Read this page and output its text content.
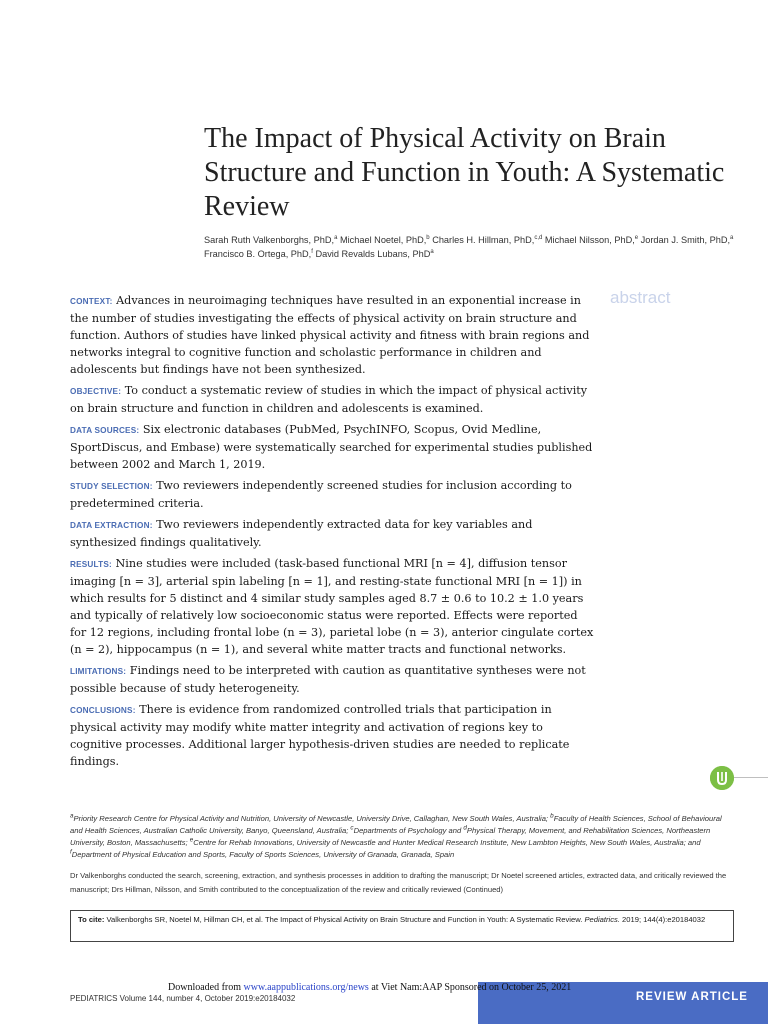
The Impact of Physical Activity on Brain Structure and Function in Youth: A Systematic Review
Sarah Ruth Valkenborghs, PhD,$^a$ Michael Noetel, PhD,$^b$ Charles H. Hillman, PhD,$^{c,d}$ Michael Nilsson, PhD,$^e$ Jordan J. Smith, PhD,$^a$ Francisco B. Ortega, PhD,$^f$ David Revalds Lubans, PhD$^a$
abstract

CONTEXT: Advances in neuroimaging techniques have resulted in an exponential increase in the number of studies investigating the effects of physical activity on brain structure and function. Authors of studies have linked physical activity and fitness with brain regions and networks integral to cognitive function and scholastic performance in children and adolescents but findings have not been synthesized.

OBJECTIVE: To conduct a systematic review of studies in which the impact of physical activity on brain structure and function in children and adolescents is examined.

DATA SOURCES: Six electronic databases (PubMed, PsychINFO, Scopus, Ovid Medline, SportDiscus, and Embase) were systematically searched for experimental studies published between 2002 and March 1, 2019.

STUDY SELECTION: Two reviewers independently screened studies for inclusion according to predetermined criteria.

DATA EXTRACTION: Two reviewers independently extracted data for key variables and synthesized findings qualitatively.

RESULTS: Nine studies were included (task-based functional MRI [n = 4], diffusion tensor imaging [n = 3], arterial spin labeling [n = 1], and resting-state functional MRI [n = 1]) in which results for 5 distinct and 4 similar study samples aged 8.7 ± 0.6 to 10.2 ± 1.0 years and typically of relatively low socioeconomic status were reported. Effects were reported for 12 regions, including frontal lobe (n = 3), parietal lobe (n = 3), anterior cingulate cortex (n = 2), hippocampus (n = 1), and several white matter tracts and functional networks.

LIMITATIONS: Findings need to be interpreted with caution as quantitative syntheses were not possible because of study heterogeneity.

CONCLUSIONS: There is evidence from randomized controlled trials that participation in physical activity may modify white matter integrity and activation of regions key to cognitive processes. Additional larger hypothesis-driven studies are needed to replicate findings.

$^a$Priority Research Centre for Physical Activity and Nutrition, University of Newcastle, University Drive, Callaghan, New South Wales, Australia; $^b$Faculty of Health Sciences, School of Behavioural and Health Sciences, Australian Catholic University, Banyo, Queensland, Australia; $^c$Departments of Psychology and $^d$Physical Therapy, Movement, and Rehabilitation Sciences, Northeastern University, Boston, Massachusetts; $^e$Centre for Rehab Innovations, University of Newcastle and Hunter Medical Research Institute, New Lambton Heights, New South Wales, Australia; and $^f$Department of Physical Education and Sports, Faculty of Sports Sciences, University of Granada, Granada, Spain
Dr Valkenborghs conducted the search, screening, extraction, and synthesis processes in addition to drafting the manuscript; Dr Noetel screened articles, extracted data, and critically reviewed the manuscript; Drs Hillman, Nilsson, and Smith contributed to the conceptualization of the review and critically reviewed (Continued)
To cite: Valkenborghs SR, Noetel M, Hillman CH, et al. The Impact of Physical Activity on Brain Structure and Function in Youth: A Systematic Review. Pediatrics. 2019; 144(4):e20184032
REVIEW ARTICLE
Downloaded from www.aappublications.org/news at Viet Nam:AAP Sponsored on October 25, 2021
PEDIATRICS Volume 144, number 4, October 2019:e20184032
